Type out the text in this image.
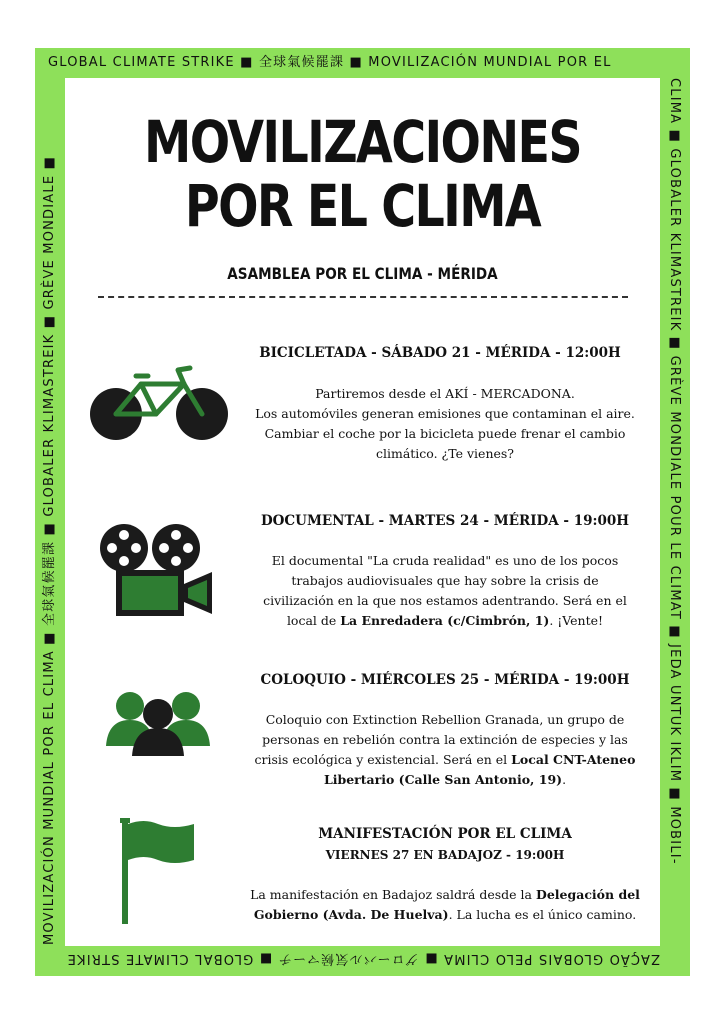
GLOBAL CLIMATE STRIKE ■ 全球氣候罷課 ■ MOVILIZACIÓN MUNDIAL POR EL
CLIMA ■ GLOBALER KLIMASTREIK ■ GRÈVE MONDIALE POUR LE CLIMAT ■ JEDA UNTUK IKLIM ■ MOBILI-
ZAÇÃO GLOBAIS PELO CLIMA ■ グローバル気候マーチ ■ GLOBAL CLIMATE STRIKE
MOVILIZACIÓN MUNDIAL POR EL CLIMA ■ 全球氣候罷課 ■ GLOBALER KLIMASTREIK ■ GRÈVE MONDIALE ■
MOVILIZACIONES
POR EL CLIMA
ASAMBLEA POR EL CLIMA - MÉRIDA
BICICLETADA - SÁBADO 21 - MÉRIDA - 12:00H
Partiremos desde el AKÍ - MERCADONA.
Los automóviles generan emisiones que contaminan el aire.
Cambiar el coche por la bicicleta puede frenar el cambio
climático. ¿Te vienes?
DOCUMENTAL - MARTES 24 - MÉRIDA - 19:00H
El documental "La cruda realidad" es uno de los pocos
trabajos audiovisuales que hay sobre la crisis de
civilización en la que nos estamos adentrando. Será en el
local de La Enredadera (c/Cimbrón, 1). ¡Vente!
COLOQUIO - MIÉRCOLES 25 - MÉRIDA - 19:00H
Coloquio con Extinction Rebellion Granada, un grupo de
personas en rebelión contra la extinción de especies y las
crisis ecológica y existencial. Será en el Local CNT-Ateneo
Libertario (Calle San Antonio, 19).
MANIFESTACIÓN POR EL CLIMA
VIERNES 27 EN BADAJOZ - 19:00H
La manifestación en Badajoz saldrá desde la Delegación del
Gobierno (Avda. De Huelva). La lucha es el único camino.
